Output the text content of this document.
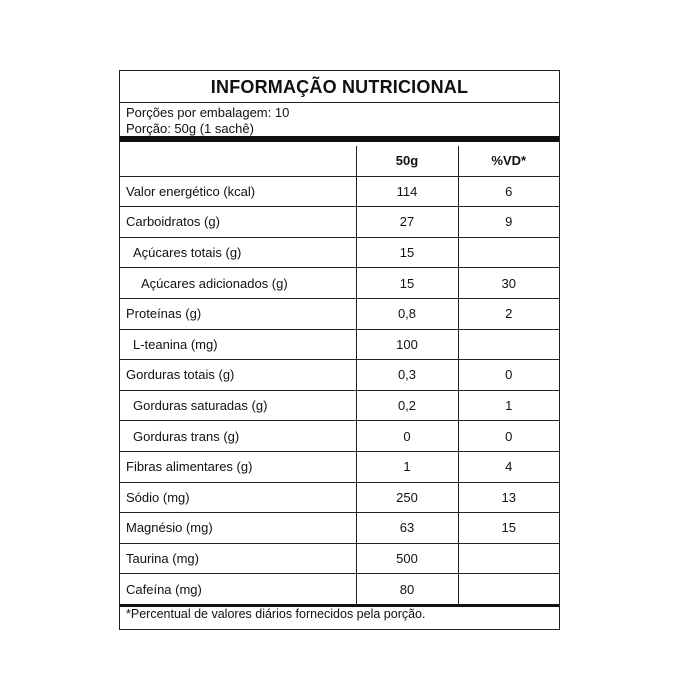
INFORMAÇÃO NUTRICIONAL
Porções por embalagem: 10
Porção: 50g (1 sachê)
	50g	%VD*
Valor energético (kcal)	114	6
Carboidratos (g)	27	9
Açúcares totais (g)	15	
Açúcares adicionados (g)	15	30
Proteínas (g)	0,8	2
L-teanina (mg)	100	
Gorduras totais (g)	0,3	0
Gorduras saturadas (g)	0,2	1
Gorduras trans (g)	0	0
Fibras alimentares (g)	1	4
Sódio (mg)	250	13
Magnésio (mg)	63	15
Taurina (mg)	500	
Cafeína (mg)	80	
*Percentual de valores diários fornecidos pela porção.
